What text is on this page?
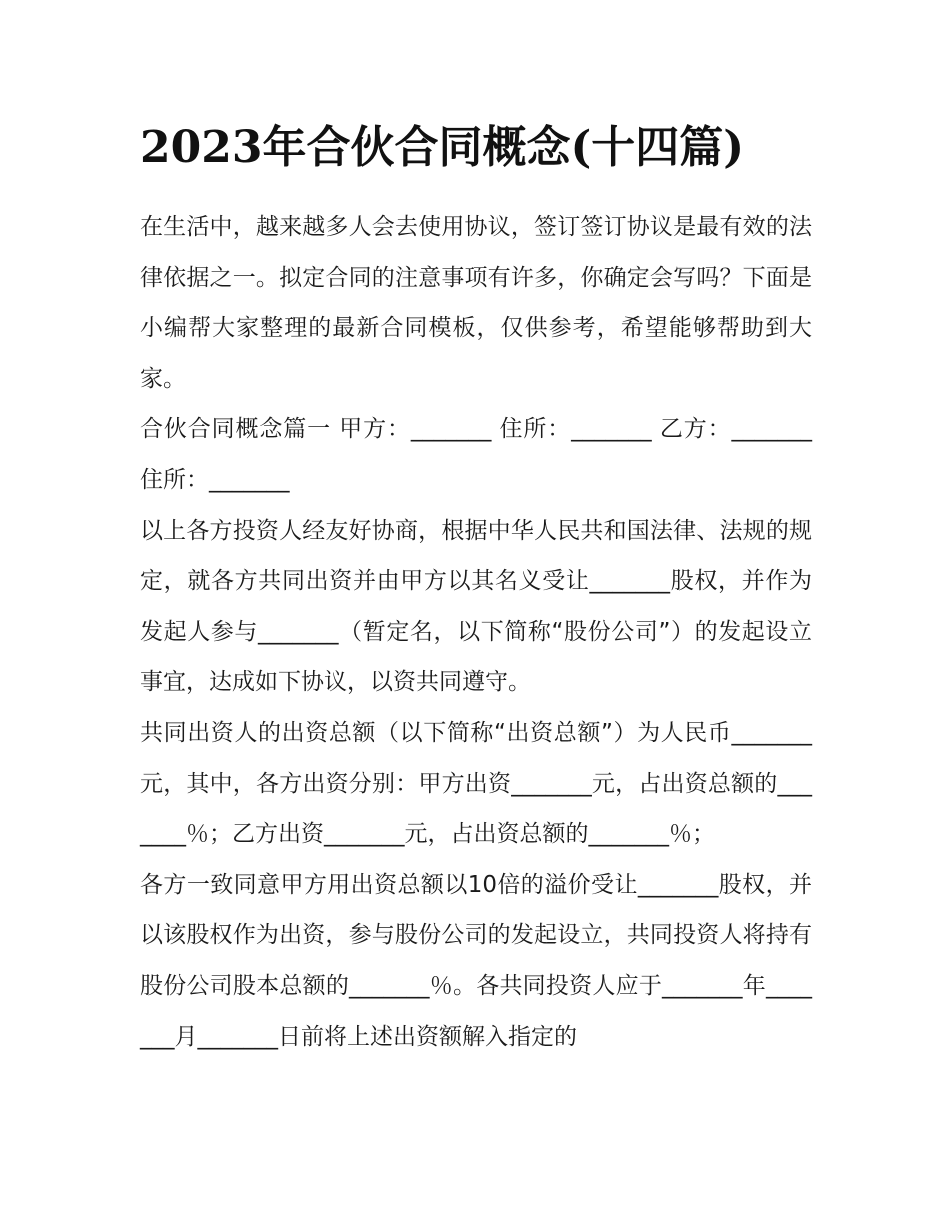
2023年合伙合同概念(十四篇)

在生活中，越来越多人会去使用协议，签订签订协议是最有效的法律依据之一。拟定合同的注意事项有许多，你确定会写吗？下面是小编帮大家整理的最新合同模板，仅供参考，希望能够帮助到大家。

合伙合同概念篇一 甲方：_______ 住所：_______ 乙方：_______ 住所：_______

以上各方投资人经友好协商，根据中华人民共和国法律、法规的规定，就各方共同出资并由甲方以其名义受让_______股权，并作为发起人参与_______（暂定名，以下简称“股份公司”）的发起设立事宜，达成如下协议，以资共同遵守。

共同出资人的出资总额（以下简称“出资总额”）为人民币_______元，其中，各方出资分别：甲方出资_______元，占出资总额的_______％；乙方出资_______元，占出资总额的_______％；

各方一致同意甲方用出资总额以10倍的溢价受让_______股权，并以该股权作为出资，参与股份公司的发起设立，共同投资人将持有股份公司股本总额的_______％。各共同投资人应于_______年_______月_______日前将上述出资额解入指定的
